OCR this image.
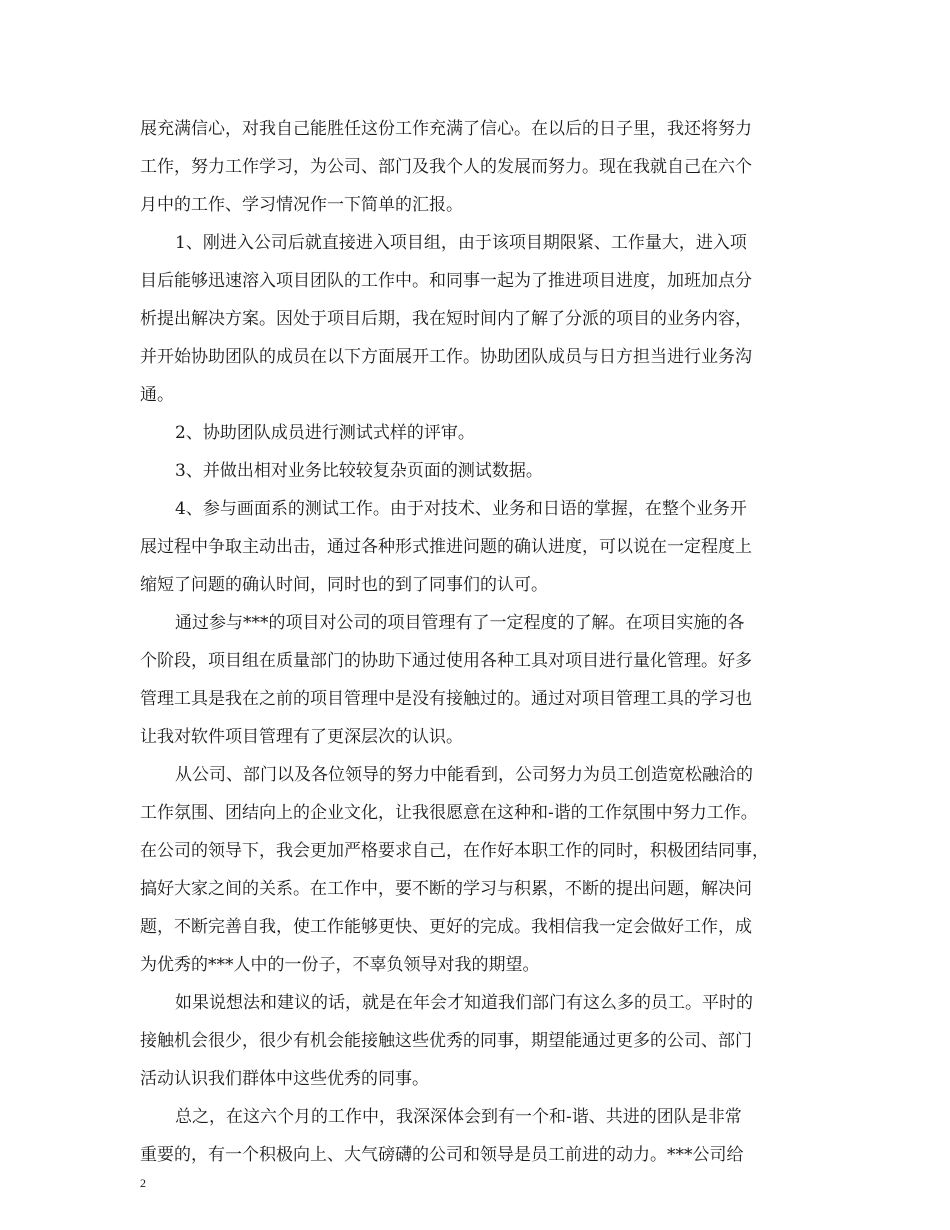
展充满信心，对我自己能胜任这份工作充满了信心。在以后的日子里，我还将努力
工作，努力工作学习，为公司、部门及我个人的发展而努力。现在我就自己在六个
月中的工作、学习情况作一下简单的汇报。
1、刚进入公司后就直接进入项目组，由于该项目期限紧、工作量大，进入项
目后能够迅速溶入项目团队的工作中。和同事一起为了推进项目进度，加班加点分
析提出解决方案。因处于项目后期，我在短时间内了解了分派的项目的业务内容，
并开始协助团队的成员在以下方面展开工作。协助团队成员与日方担当进行业务沟
通。
2、协助团队成员进行测试式样的评审。
3、并做出相对业务比较较复杂页面的测试数据。
4、参与画面系的测试工作。由于对技术、业务和日语的掌握，在整个业务开
展过程中争取主动出击，通过各种形式推进问题的确认进度，可以说在一定程度上
缩短了问题的确认时间，同时也的到了同事们的认可。
通过参与***的项目对公司的项目管理有了一定程度的了解。在项目实施的各
个阶段，项目组在质量部门的协助下通过使用各种工具对项目进行量化管理。好多
管理工具是我在之前的项目管理中是没有接触过的。通过对项目管理工具的学习也
让我对软件项目管理有了更深层次的认识。
从公司、部门以及各位领导的努力中能看到，公司努力为员工创造宽松融洽的
工作氛围、团结向上的企业文化，让我很愿意在这种和-谐的工作氛围中努力工作。
在公司的领导下，我会更加严格要求自己，在作好本职工作的同时，积极团结同事，
搞好大家之间的关系。在工作中，要不断的学习与积累，不断的提出问题，解决问
题，不断完善自我，使工作能够更快、更好的完成。我相信我一定会做好工作，成
为优秀的***人中的一份子，不辜负领导对我的期望。
如果说想法和建议的话，就是在年会才知道我们部门有这么多的员工。平时的
接触机会很少，很少有机会能接触这些优秀的同事，期望能通过更多的公司、部门
活动认识我们群体中这些优秀的同事。
总之，在这六个月的工作中，我深深体会到有一个和-谐、共进的团队是非常
重要的，有一个积极向上、大气磅礴的公司和领导是员工前进的动力。***公司给
2
